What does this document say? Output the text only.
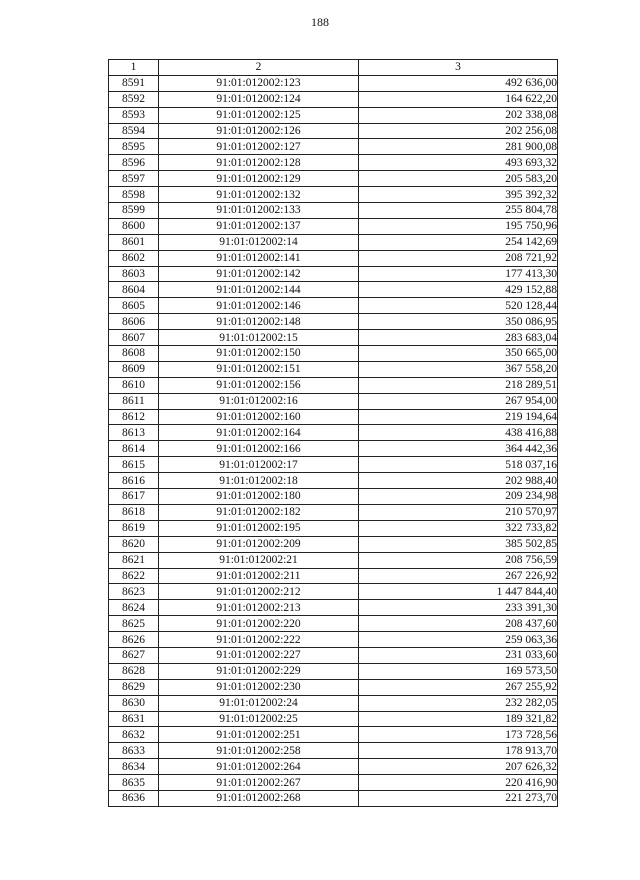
188
1	2	3
8591	91:01:012002:123	492 636,00
8592	91:01:012002:124	164 622,20
8593	91:01:012002:125	202 338,08
8594	91:01:012002:126	202 256,08
8595	91:01:012002:127	281 900,08
8596	91:01:012002:128	493 693,32
8597	91:01:012002:129	205 583,20
8598	91:01:012002:132	395 392,32
8599	91:01:012002:133	255 804,78
8600	91:01:012002:137	195 750,96
8601	91:01:012002:14	254 142,69
8602	91:01:012002:141	208 721,92
8603	91:01:012002:142	177 413,30
8604	91:01:012002:144	429 152,88
8605	91:01:012002:146	520 128,44
8606	91:01:012002:148	350 086,95
8607	91:01:012002:15	283 683,04
8608	91:01:012002:150	350 665,00
8609	91:01:012002:151	367 558,20
8610	91:01:012002:156	218 289,51
8611	91:01:012002:16	267 954,00
8612	91:01:012002:160	219 194,64
8613	91:01:012002:164	438 416,88
8614	91:01:012002:166	364 442,36
8615	91:01:012002:17	518 037,16
8616	91:01:012002:18	202 988,40
8617	91:01:012002:180	209 234,98
8618	91:01:012002:182	210 570,97
8619	91:01:012002:195	322 733,82
8620	91:01:012002:209	385 502,85
8621	91:01:012002:21	208 756,59
8622	91:01:012002:211	267 226,92
8623	91:01:012002:212	1 447 844,40
8624	91:01:012002:213	233 391,30
8625	91:01:012002:220	208 437,60
8626	91:01:012002:222	259 063,36
8627	91:01:012002:227	231 033,60
8628	91:01:012002:229	169 573,50
8629	91:01:012002:230	267 255,92
8630	91:01:012002:24	232 282,05
8631	91:01:012002:25	189 321,82
8632	91:01:012002:251	173 728,56
8633	91:01:012002:258	178 913,70
8634	91:01:012002:264	207 626,32
8635	91:01:012002:267	220 416,90
8636	91:01:012002:268	221 273,70
